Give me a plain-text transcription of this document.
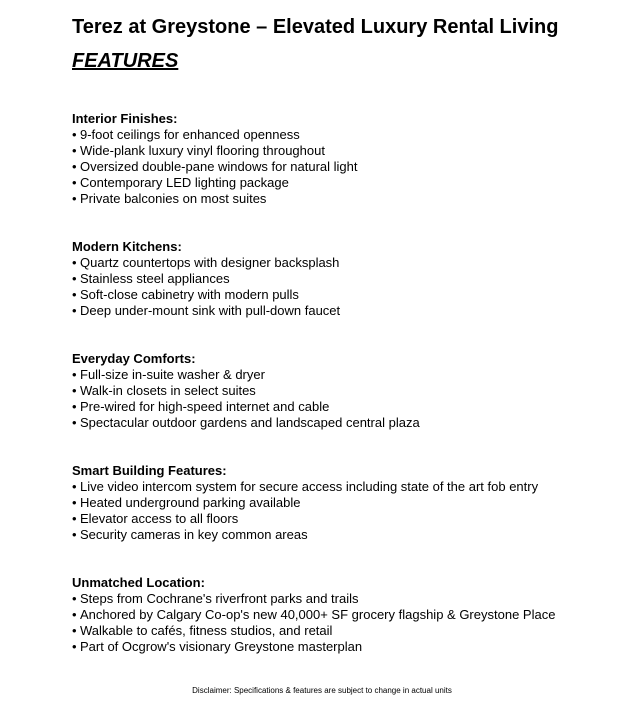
Terez at Greystone – Elevated Luxury Rental Living
FEATURES

Interior Finishes:

• 9-foot ceilings for enhanced openness
• Wide-plank luxury vinyl flooring throughout
• Oversized double-pane windows for natural light
• Contemporary LED lighting package
• Private balconies on most suites

Modern Kitchens:

• Quartz countertops with designer backsplash
• Stainless steel appliances
• Soft-close cabinetry with modern pulls
• Deep under-mount sink with pull-down faucet

Everyday Comforts:

• Full-size in-suite washer & dryer
• Walk-in closets in select suites
• Pre-wired for high-speed internet and cable
• Spectacular outdoor gardens and landscaped central plaza

Smart Building Features:

• Live video intercom system for secure access including state of the art fob entry
• Heated underground parking available
• Elevator access to all floors
• Security cameras in key common areas

Unmatched Location:

• Steps from Cochrane's riverfront parks and trails
• Anchored by Calgary Co-op's new 40,000+ SF grocery flagship & Greystone Place
• Walkable to cafés, fitness studios, and retail
• Part of Ocgrow's visionary Greystone masterplan

Disclaimer: Specifications & features are subject to change in actual units
